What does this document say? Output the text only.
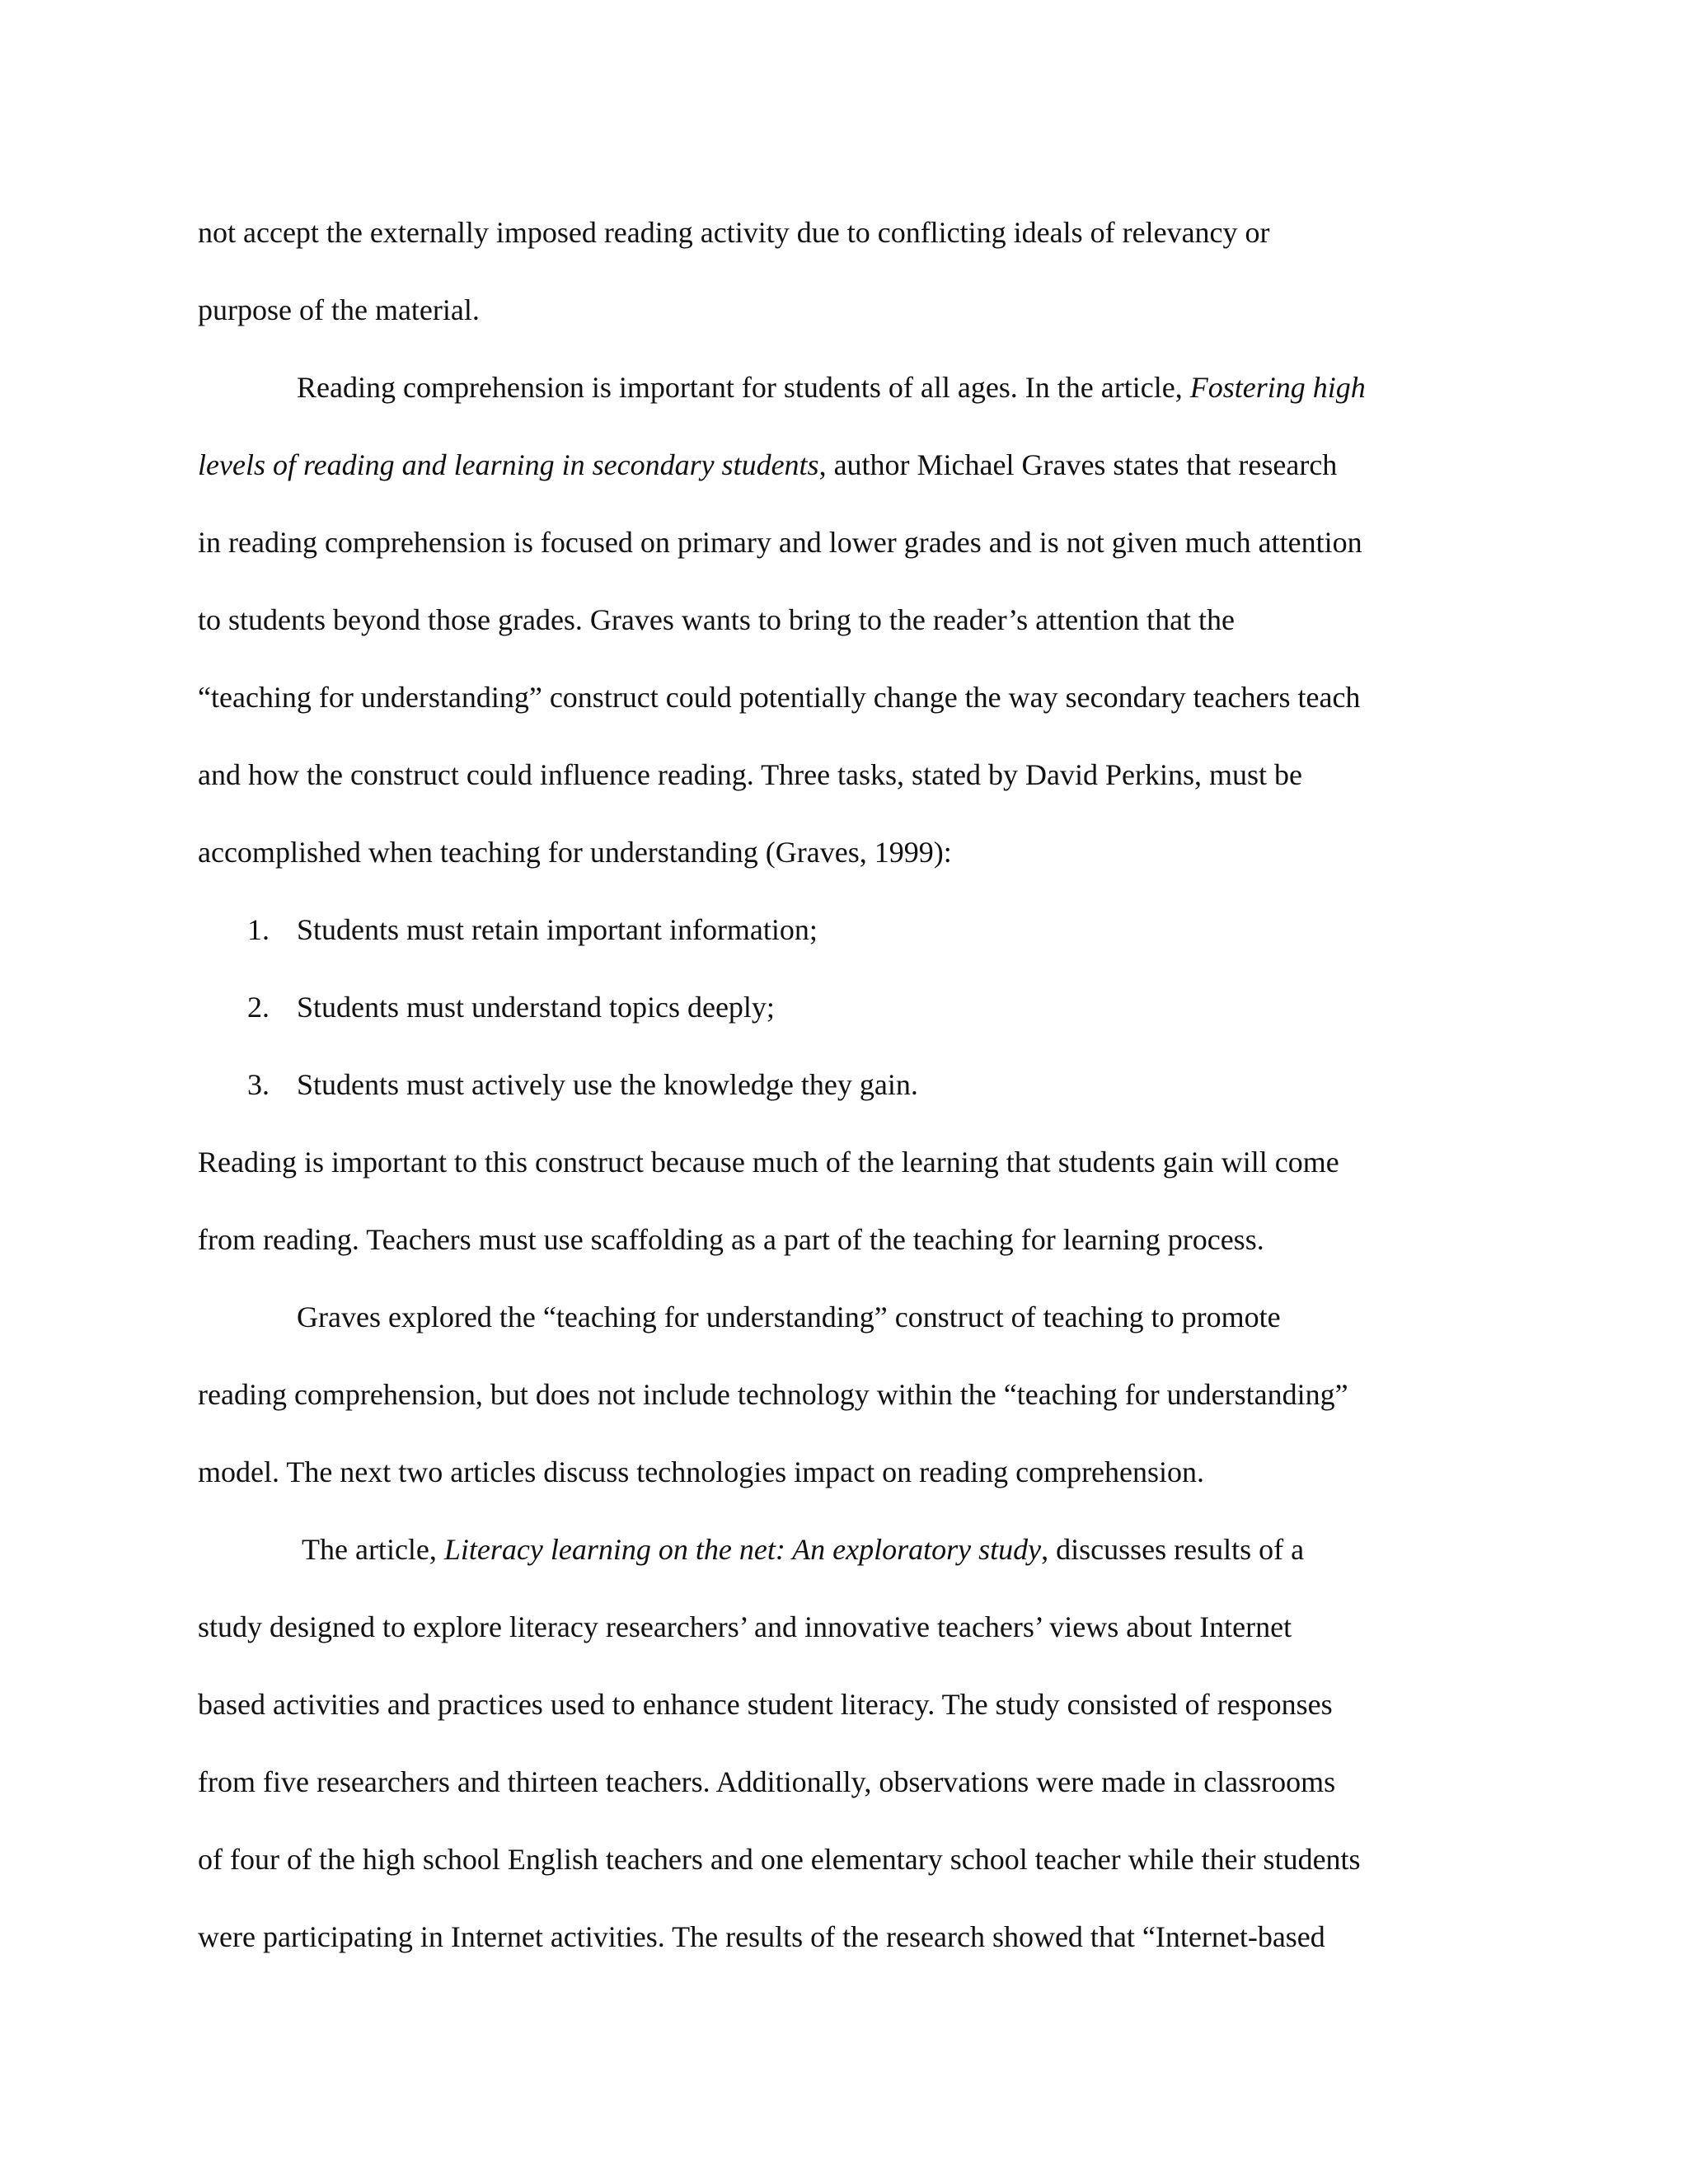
not accept the externally imposed reading activity due to conflicting ideals of relevancy or

purpose of the material.

Reading comprehension is important for students of all ages. In the article, Fostering high

levels of reading and learning in secondary students, author Michael Graves states that research

in reading comprehension is focused on primary and lower grades and is not given much attention

to students beyond those grades. Graves wants to bring to the reader’s attention that the

“teaching for understanding” construct could potentially change the way secondary teachers teach

and how the construct could influence reading. Three tasks, stated by David Perkins, must be

accomplished when teaching for understanding (Graves, 1999):

1. Students must retain important information;
2. Students must understand topics deeply;
3. Students must actively use the knowledge they gain.

Reading is important to this construct because much of the learning that students gain will come

from reading. Teachers must use scaffolding as a part of the teaching for learning process.

Graves explored the “teaching for understanding” construct of teaching to promote

reading comprehension, but does not include technology within the “teaching for understanding”

model. The next two articles discuss technologies impact on reading comprehension.

The article, Literacy learning on the net: An exploratory study, discusses results of a

study designed to explore literacy researchers’ and innovative teachers’ views about Internet

based activities and practices used to enhance student literacy. The study consisted of responses

from five researchers and thirteen teachers. Additionally, observations were made in classrooms

of four of the high school English teachers and one elementary school teacher while their students

were participating in Internet activities. The results of the research showed that “Internet-based
